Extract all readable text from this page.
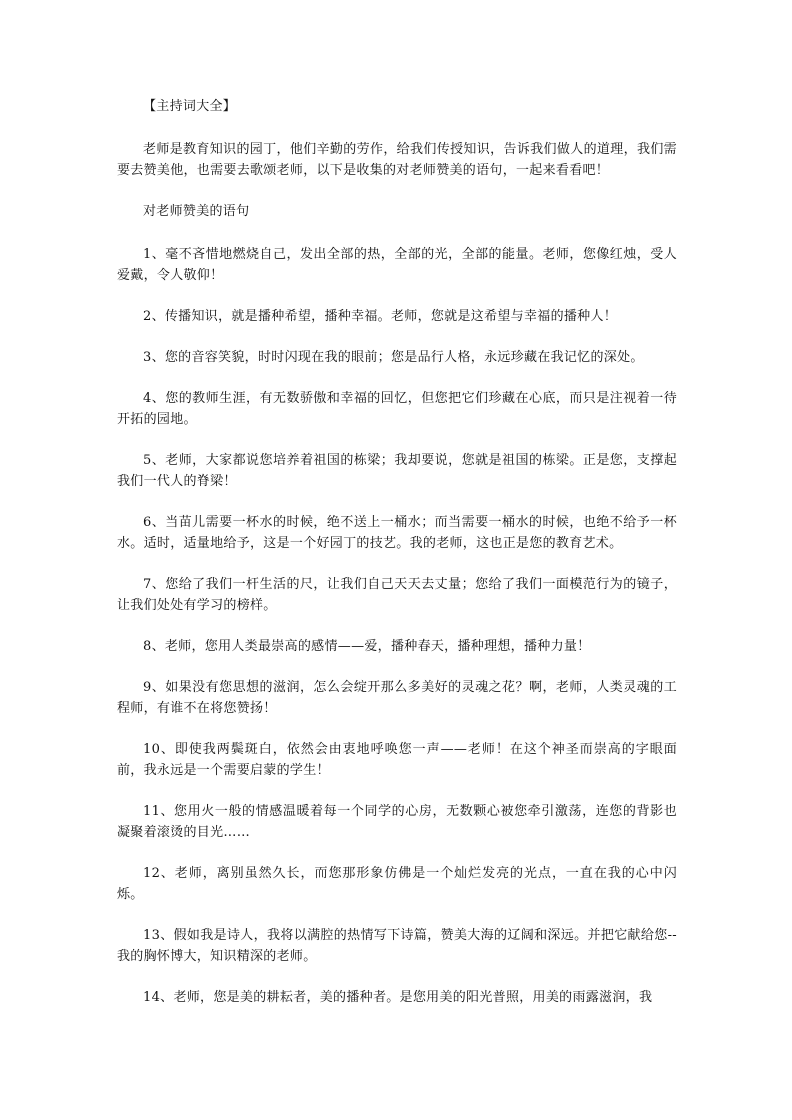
【主持词大全】

老师是教育知识的园丁，他们辛勤的劳作，给我们传授知识，告诉我们做人的道理，我们需要去赞美他，也需要去歌颂老师，以下是收集的对老师赞美的语句，一起来看看吧！

对老师赞美的语句

1、毫不吝惜地燃烧自己，发出全部的热，全部的光，全部的能量。老师，您像红烛，受人爱戴，令人敬仰！

2、传播知识，就是播种希望，播种幸福。老师，您就是这希望与幸福的播种人！

3、您的音容笑貌，时时闪现在我的眼前；您是品行人格，永远珍藏在我记忆的深处。

4、您的教师生涯，有无数骄傲和幸福的回忆，但您把它们珍藏在心底，而只是注视着一待开拓的园地。

5、老师，大家都说您培养着祖国的栋梁；我却要说，您就是祖国的栋梁。正是您，支撑起我们一代人的脊梁！

6、当苗儿需要一杯水的时候，绝不送上一桶水；而当需要一桶水的时候，也绝不给予一杯水。适时，适量地给予，这是一个好园丁的技艺。我的老师，这也正是您的教育艺术。

7、您给了我们一杆生活的尺，让我们自己天天去丈量；您给了我们一面模范行为的镜子，让我们处处有学习的榜样。

8、老师，您用人类最崇高的感情——爱，播种春天，播种理想，播种力量！

9、如果没有您思想的滋润，怎么会绽开那么多美好的灵魂之花？啊，老师，人类灵魂的工程师，有谁不在将您赞扬！

10、即使我两鬓斑白，依然会由衷地呼唤您一声——老师！在这个神圣而崇高的字眼面前，我永远是一个需要启蒙的学生！

11、您用火一般的情感温暖着每一个同学的心房，无数颗心被您牵引激荡，连您的背影也凝聚着滚烫的目光……

12、老师，离别虽然久长，而您那形象仿佛是一个灿烂发亮的光点，一直在我的心中闪烁。

13、假如我是诗人，我将以满腔的热情写下诗篇，赞美大海的辽阔和深远。并把它献给您--我的胸怀博大，知识精深的老师。

14、老师，您是美的耕耘者，美的播种者。是您用美的阳光普照，用美的雨露滋润，我
